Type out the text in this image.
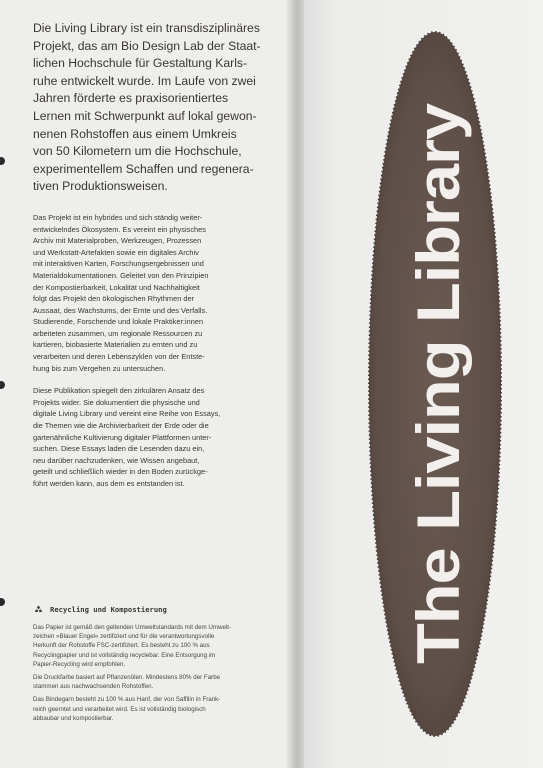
Die Living Library ist ein transdisziplinäres
Projekt, das am Bio Design Lab der Staat-
lichen Hochschule für Gestaltung Karls-
ruhe entwickelt wurde. Im Laufe von zwei
Jahren förderte es praxisorientiertes
Lernen mit Schwerpunkt auf lokal gewon-
nenen Rohstoffen aus einem Umkreis
von 50 Kilometern um die Hochschule,
experimentellem Schaffen und regenera-
tiven Produktionsweisen.

Das Projekt ist ein hybrides und sich ständig weiter-
entwickelndes Ökosystem. Es vereint ein physisches
Archiv mit Materialproben, Werkzeugen, Prozessen
und Werkstatt-Artefakten sowie ein digitales Archiv
mit interaktiven Karten, Forschungsergebnissen und
Materialdokumentationen. Geleitet von den Prinzipien
der Kompostierbarkeit, Lokalität und Nachhaltigkeit
folgt das Projekt den ökologischen Rhythmen der
Aussaat, des Wachstums, der Ernte und des Verfalls.
Studierende, Forschende und lokale Praktiker:innen
arbeiteten zusammen, um regionale Ressourcen zu
kartieren, biobasierte Materialien zu ernten und zu
verarbeiten und deren Lebenszyklen von der Entste-
hung bis zum Vergehen zu untersuchen.

Diese Publikation spiegelt den zirkulären Ansatz des
Projekts wider. Sie dokumentiert die physische und
digitale Living Library und vereint eine Reihe von Essays,
die Themen wie die Archivierbarkeit der Erde oder die
gartenähnliche Kultivierung digitaler Plattformen unter-
suchen. Diese Essays laden die Lesenden dazu ein,
neu darüber nachzudenken, wie Wissen angebaut,
geteilt und schließlich wieder in den Boden zurückge-
führt werden kann, aus dem es entstanden ist.

Recycling und Kompostierung

Das Papier ist gemäß den geltenden Umweltstandards mit dem Umwelt-
zeichen »Blauer Engel« zertifiziert und für die verantwortungsvolle
Herkunft der Rohstoffe FSC-zertifiziert. Es besteht zu 100 % aus
Recyclingpapier und ist vollständig recyclebar. Eine Entsorgung im
Papier-Recycling wird empfohlen.

Die Druckfarbe basiert auf Pflanzenölen. Mindestens 80% der Farbe
stammen aus nachwachsenden Rohstoffen.

Das Bindegarn besteht zu 100 % aus Hanf, der von Saffilin in Frank-
reich geerntet und verarbeitet wird. Es ist vollständig biologisch
abbaubar und kompostierbar.

The Living Library
